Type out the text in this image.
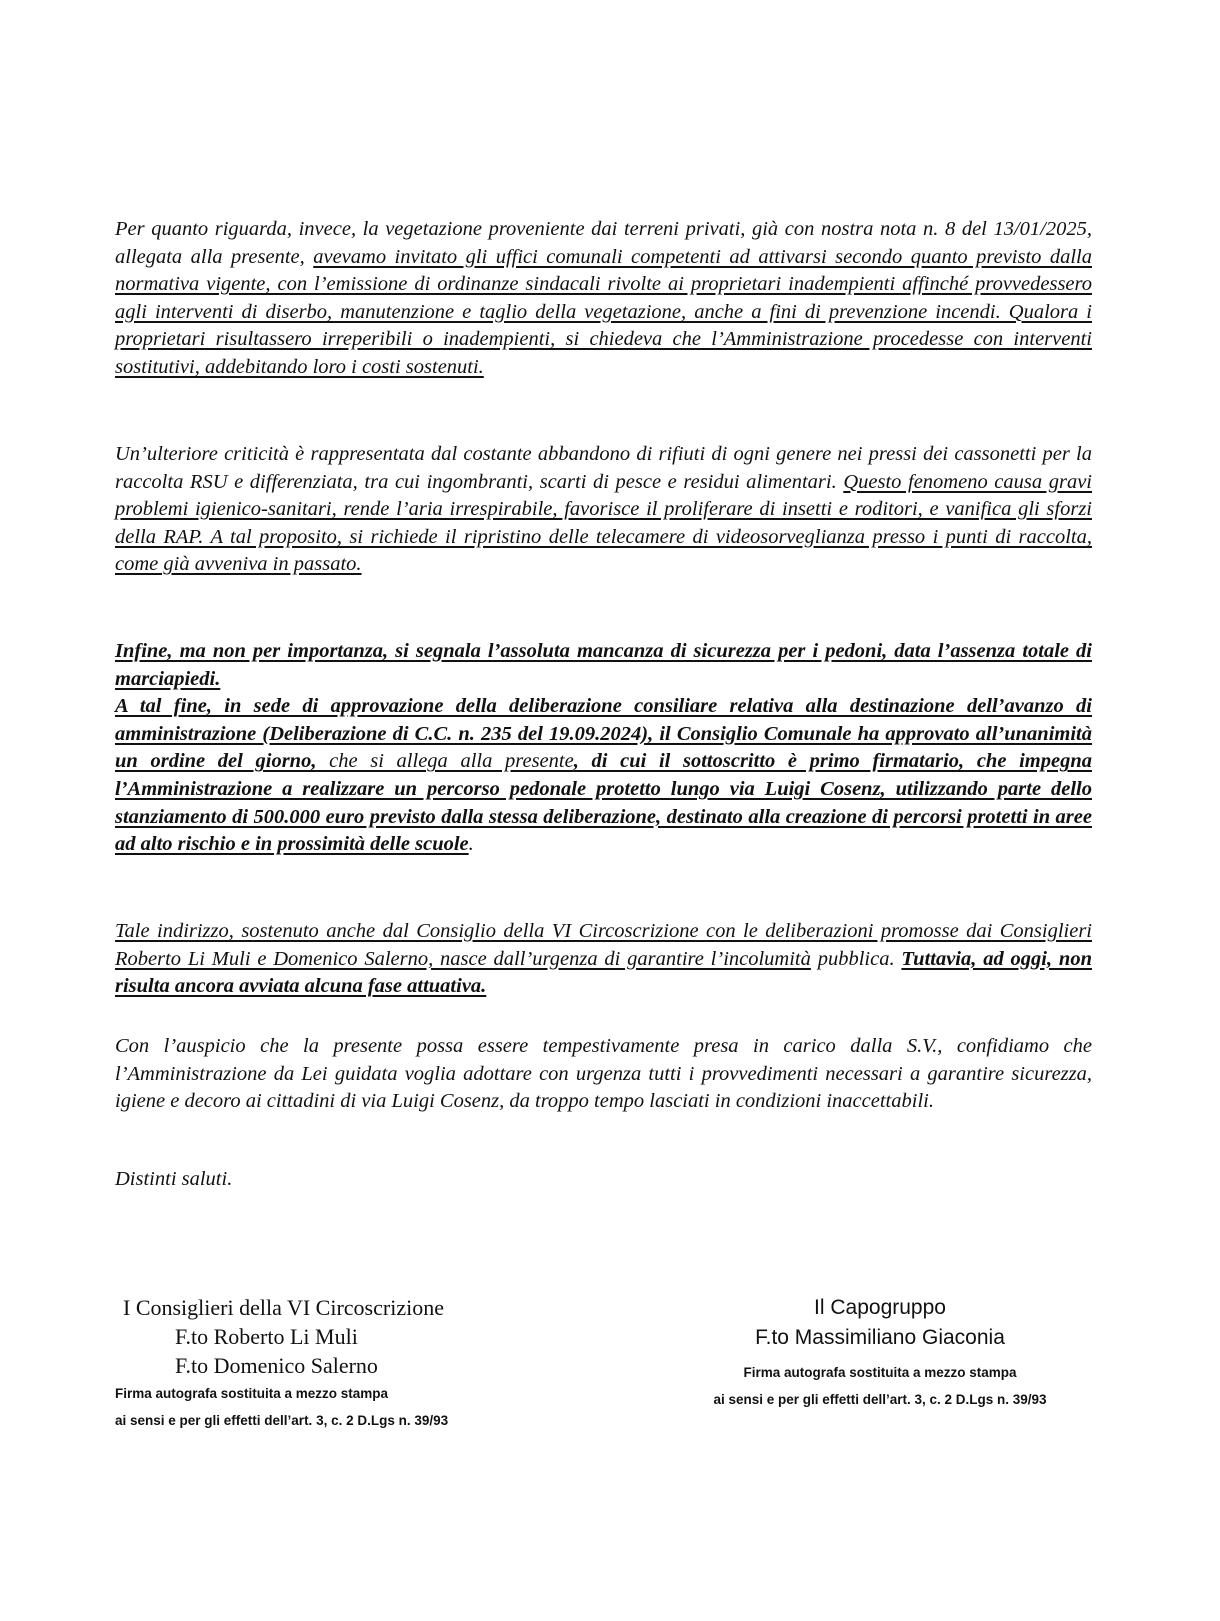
Per quanto riguarda, invece, la vegetazione proveniente dai terreni privati, già con nostra nota n. 8 del 13/01/2025, allegata alla presente, avevamo invitato gli uffici comunali competenti ad attivarsi secondo quanto previsto dalla normativa vigente, con l’emissione di ordinanze sindacali rivolte ai proprietari inadempienti affinché provvedessero agli interventi di diserbo, manutenzione e taglio della vegetazione, anche a fini di prevenzione incendi. Qualora i proprietari risultassero irreperibili o inadempienti, si chiedeva che l’Amministrazione procedesse con interventi sostitutivi, addebitando loro i costi sostenuti.
Un’ulteriore criticità è rappresentata dal costante abbandono di rifiuti di ogni genere nei pressi dei cassonetti per la raccolta RSU e differenziata, tra cui ingombranti, scarti di pesce e residui alimentari. Questo fenomeno causa gravi problemi igienico-sanitari, rende l’aria irrespirabile, favorisce il proliferare di insetti e roditori, e vanifica gli sforzi della RAP. A tal proposito, si richiede il ripristino delle telecamere di videosorveglianza presso i punti di raccolta, come già avveniva in passato.
Infine, ma non per importanza, si segnala l’assoluta mancanza di sicurezza per i pedoni, data l’assenza totale di marciapiedi.
A tal fine, in sede di approvazione della deliberazione consiliare relativa alla destinazione dell’avanzo di amministrazione (Deliberazione di C.C. n. 235 del 19.09.2024), il Consiglio Comunale ha approvato all’unanimità un ordine del giorno, che si allega alla presente, di cui il sottoscritto è primo firmatario, che impegna l’Amministrazione a realizzare un percorso pedonale protetto lungo via Luigi Cosenz, utilizzando parte dello stanziamento di 500.000 euro previsto dalla stessa deliberazione, destinato alla creazione di percorsi protetti in aree ad alto rischio e in prossimità delle scuole.
Tale indirizzo, sostenuto anche dal Consiglio della VI Circoscrizione con le deliberazioni promosse dai Consiglieri Roberto Li Muli e Domenico Salerno, nasce dall’urgenza di garantire l’incolumità pubblica. Tuttavia, ad oggi, non risulta ancora avviata alcuna fase attuativa.
Con l’auspicio che la presente possa essere tempestivamente presa in carico dalla S.V., confidiamo che l’Amministrazione da Lei guidata voglia adottare con urgenza tutti i provvedimenti necessari a garantire sicurezza, igiene e decoro ai cittadini di via Luigi Cosenz, da troppo tempo lasciati in condizioni inaccettabili.
Distinti saluti.
I Consiglieri della VI Circoscrizione
F.to Roberto Li Muli
F.to Domenico Salerno
Firma autografa sostituita a mezzo stampa
ai sensi e per gli effetti dell’art. 3, c. 2 D.Lgs n. 39/93
Il Capogruppo
F.to Massimiliano Giaconia
Firma autografa sostituita a mezzo stampa
ai sensi e per gli effetti dell’art. 3, c. 2 D.Lgs n. 39/93
